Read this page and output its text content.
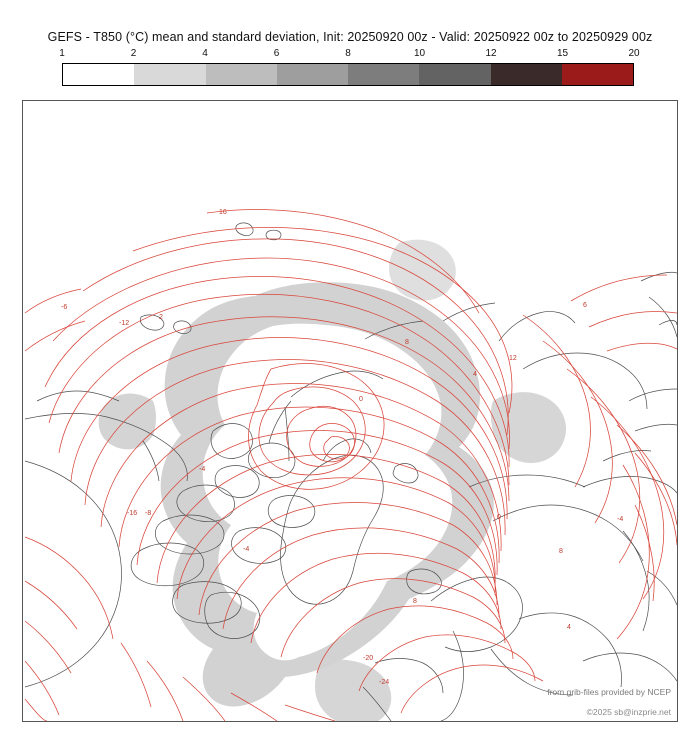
GEFS - T850 (°C) mean and standard deviation, Init: 20250920 00z - Valid: 20250922 00z to 20250929 00z
1	2	4	6	8	10	12	15	20
16
12
8
4
0
-4
-8
-12
-16
-20
-24
-4
8
8
0
-4
6
4
-6
2
from grib-files provided by NCEP
©2025 sb@inzprie.net
